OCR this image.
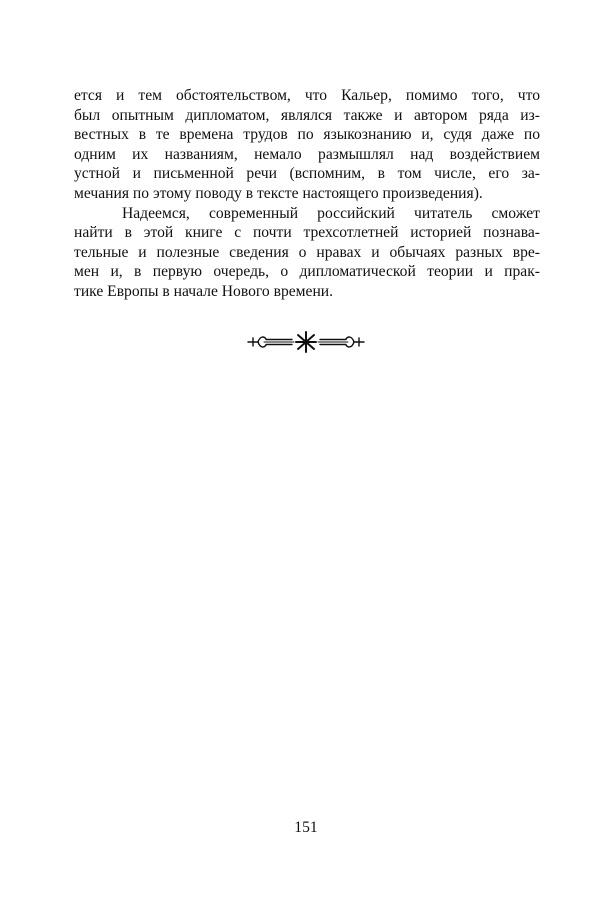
ется и тем обстоятельством, что Кальер, помимо того, что
был опытным дипломатом, являлся также и автором ряда из-
вестных в те времена трудов по языкознанию и, судя даже по
одним их названиям, немало размышлял над воздействием
устной и письменной речи (вспомним, в том числе, его за-
мечания по этому поводу в тексте настоящего произведения).
Надеемся, современный российский читатель сможет
найти в этой книге с почти трехсотлетней историей познава-
тельные и полезные сведения о нравах и обычаях разных вре-
мен и, в первую очередь, о дипломатической теории и прак-
тике Европы в начале Нового времени.
151
